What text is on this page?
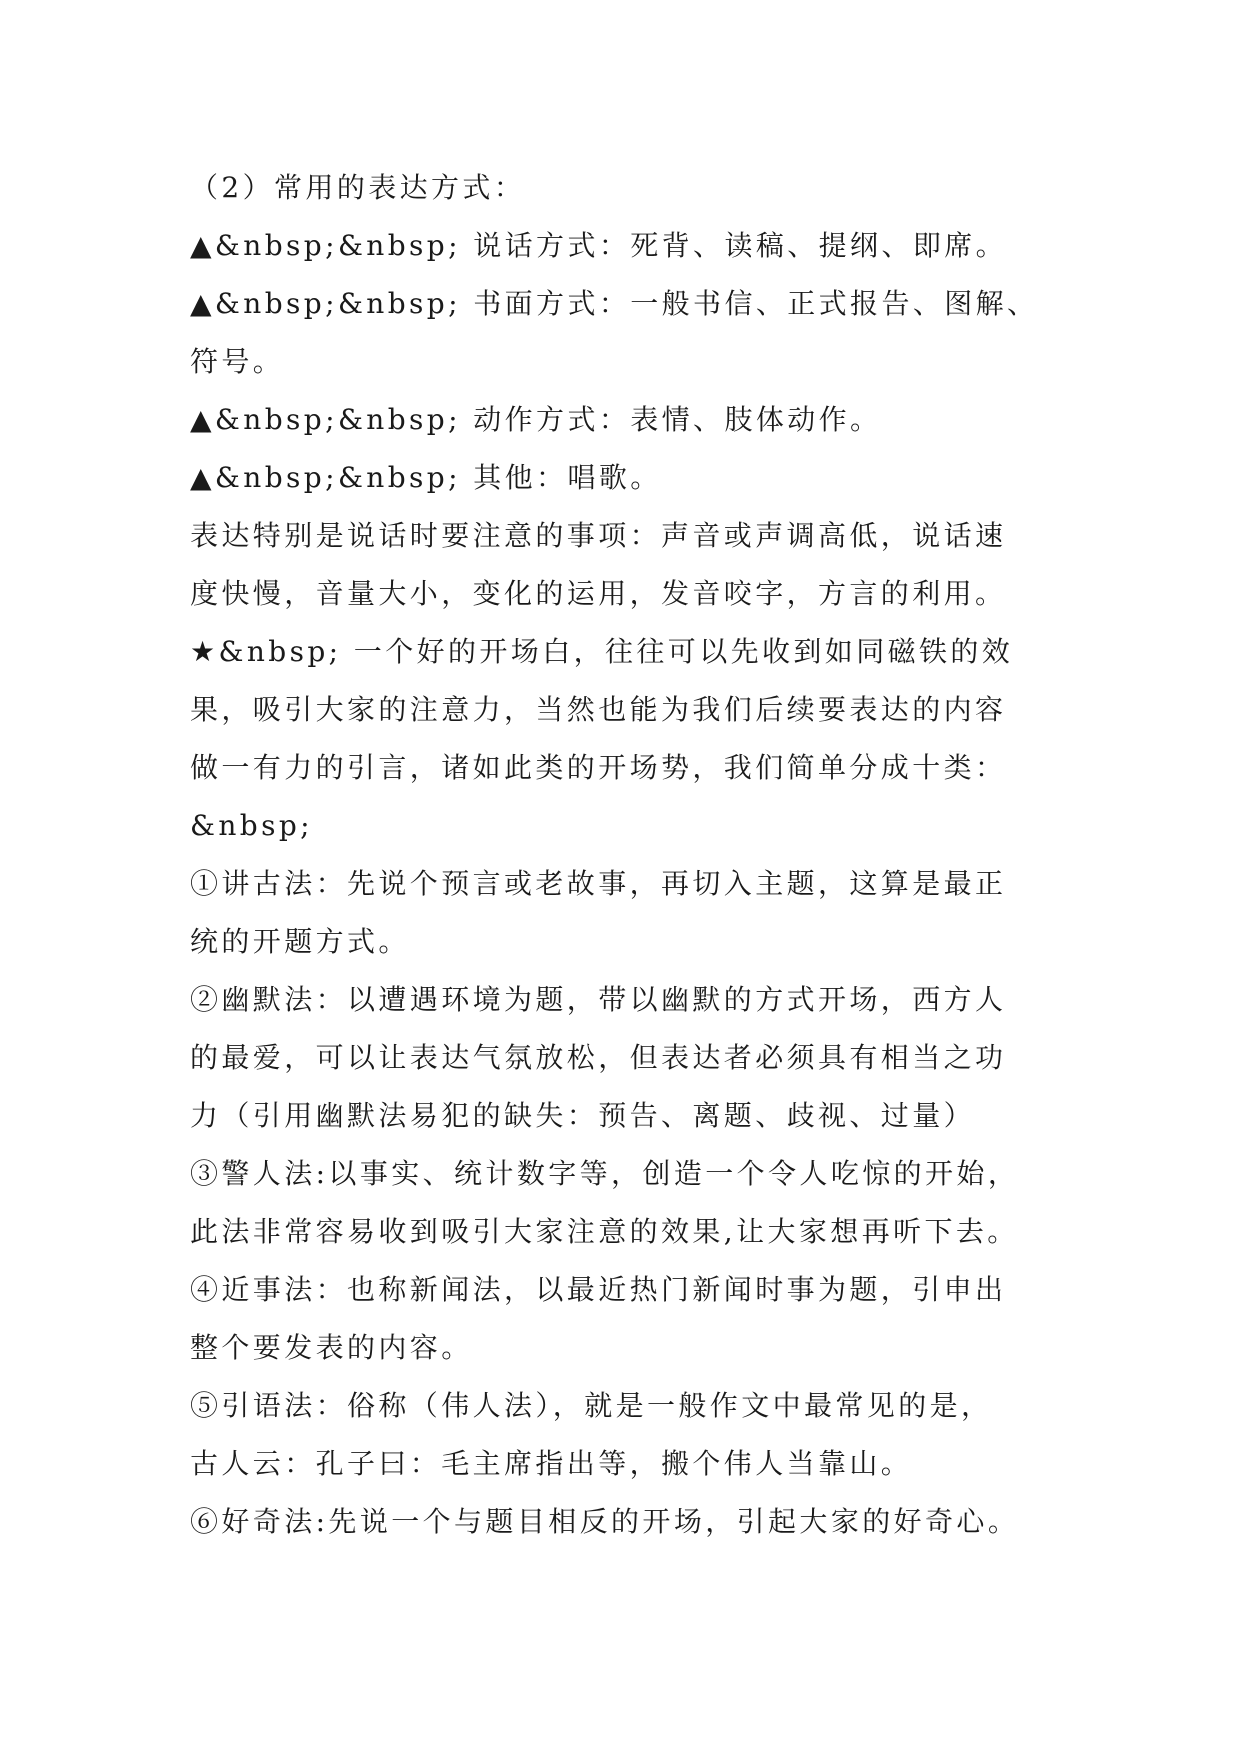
（2）常用的表达方式：
▲&nbsp;&nbsp; 说话方式：死背、读稿、提纲、即席。
▲&nbsp;&nbsp; 书面方式：一般书信、正式报告、图解、
符号。
▲&nbsp;&nbsp; 动作方式：表情、肢体动作。
▲&nbsp;&nbsp; 其他：唱歌。
表达特别是说话时要注意的事项：声音或声调高低，说话速
度快慢，音量大小，变化的运用，发音咬字，方言的利用。
★&nbsp; 一个好的开场白，往往可以先收到如同磁铁的效
果，吸引大家的注意力，当然也能为我们后续要表达的内容
做一有力的引言，诸如此类的开场势，我们简单分成十类：
&nbsp;
①讲古法：先说个预言或老故事，再切入主题，这算是最正
统的开题方式。
②幽默法：以遭遇环境为题，带以幽默的方式开场，西方人
的最爱，可以让表达气氛放松，但表达者必须具有相当之功
力（引用幽默法易犯的缺失：预告、离题、歧视、过量）
③警人法:以事实、统计数字等，创造一个令人吃惊的开始，
此法非常容易收到吸引大家注意的效果,让大家想再听下去。
④近事法：也称新闻法，以最近热门新闻时事为题，引申出
整个要发表的内容。
⑤引语法：俗称（伟人法），就是一般作文中最常见的是，
古人云：孔子曰：毛主席指出等，搬个伟人当靠山。
⑥好奇法:先说一个与题目相反的开场，引起大家的好奇心。
